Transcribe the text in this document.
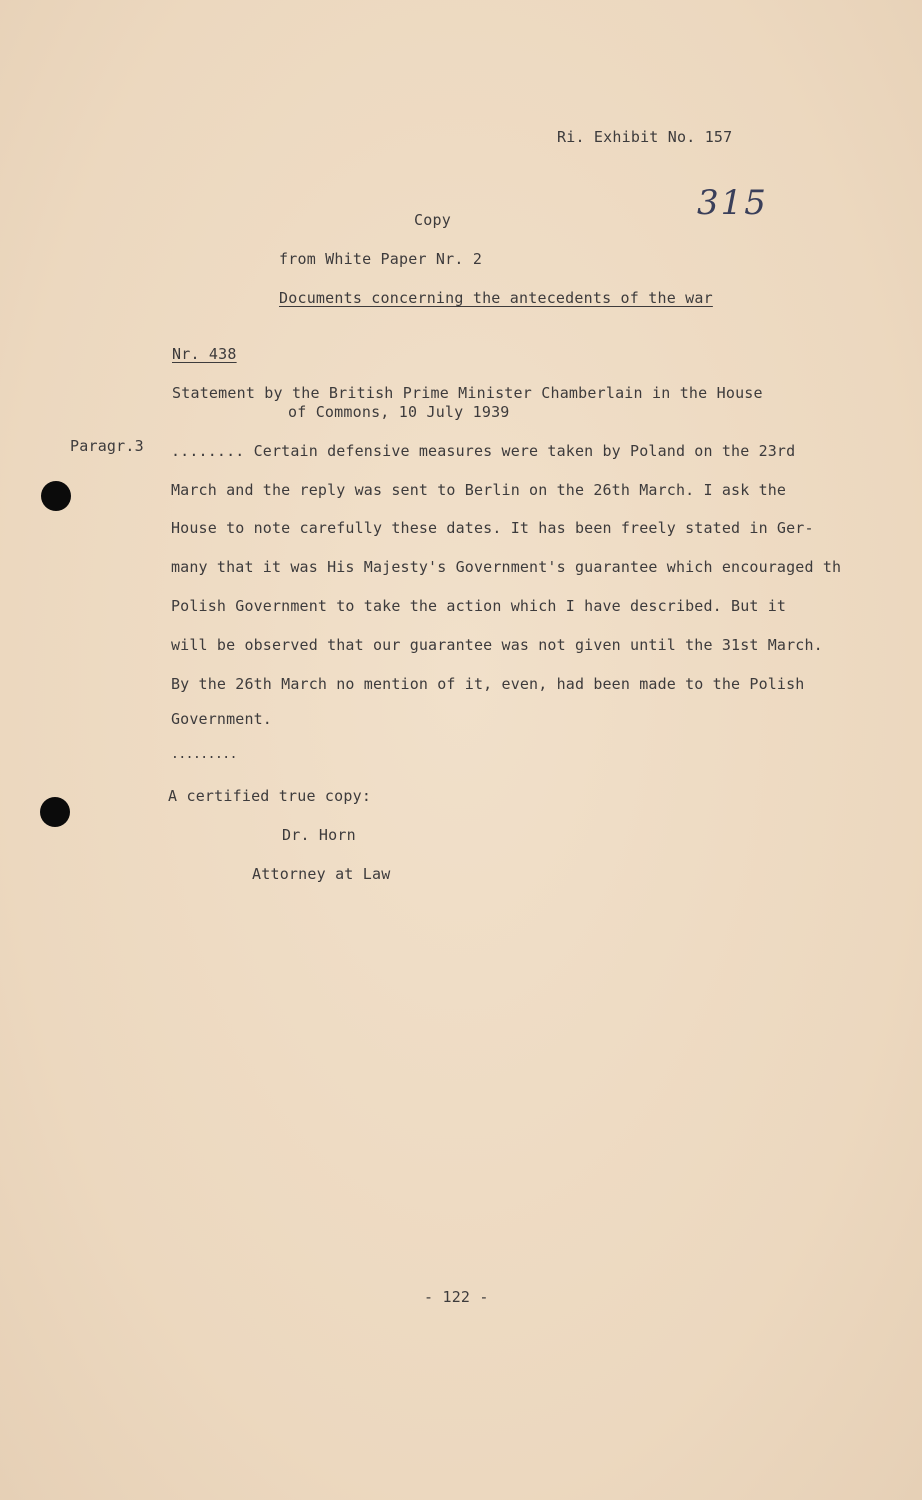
Ri. Exhibit No. 157
315
Copy
from White Paper Nr. 2
Documents concerning the antecedents of the war
Nr. 438
Statement by the British Prime Minister Chamberlain in the House
of Commons, 10 July 1939
Paragr.3 ........ Certain defensive measures were taken by Poland on the 23rd
March and the reply was sent to Berlin on the 26th March. I ask the
House to note carefully these dates. It has been freely stated in Ger-
many that it was His Majesty's Government's guarantee which encouraged th
Polish Government to take the action which I have described. But it
will be observed that our guarantee was not given until the 31st March.
By the 26th March no mention of it, even, had been made to the Polish
Government.
.........
A certified true copy:
Dr. Horn
Attorney at Law
- 122 -
